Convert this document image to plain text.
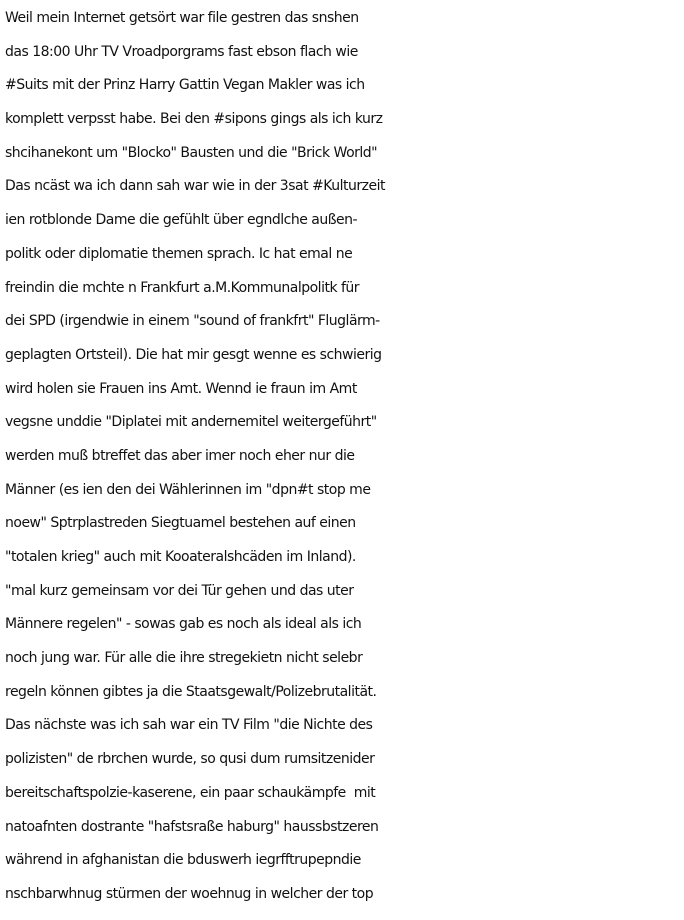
Weil mein Internet getsört war file gestren das snshen
das 18:00 Uhr TV Vroadporgrams fast ebson flach wie
#Suits mit der Prinz Harry Gattin Vegan Makler was ich
komplett verpsst habe. Bei den #sipons gings als ich kurz
shcihanekont um "Blocko" Bausten und die "Brick World"
Das ncäst wa ich dann sah war wie in der 3sat #Kulturzeit
ien rotblonde Dame die gefühlt über egndlche außen-
politk oder diplomatie themen sprach. Ic hat emal ne
freindin die mchte n Frankfurt a.M.Kommunalpolitk für
dei SPD (irgendwie in einem "sound of frankfrt" Fluglärm-
geplagten Ortsteil). Die hat mir gesgt wenne es schwierig
wird holen sie Frauen ins Amt. Wennd ie fraun im Amt
vegsne unddie "Diplatei mit andernemitel weitergeführt"
werden muß btreffet das aber imer noch eher nur die
Männer (es ien den dei Wählerinnen im "dpn#t stop me
noew" Sptrplastreden Siegtuamel bestehen auf einen
"totalen krieg" auch mit Kooateralshcäden im Inland).
"mal kurz gemeinsam vor dei Tür gehen und das uter
Männere regelen" - sowas gab es noch als ideal als ich
noch jung war. Für alle die ihre stregekietn nicht selebr
regeln können gibtes ja die Staatsgewalt/Polizebrutalität.
Das nächste was ich sah war ein TV Film "die Nichte des
polizisten" de rbrchen wurde, so qusi dum rumsitzenider
bereitschaftspolzie-kaserene, ein paar schaukämpfe  mit
natoafnten dostrante "hafstsraße haburg" haussbstzeren
während in afghanistan die bduswerh iegrfftrupepndie
nschbarwhnug stürmen der woehnug in welcher der top
